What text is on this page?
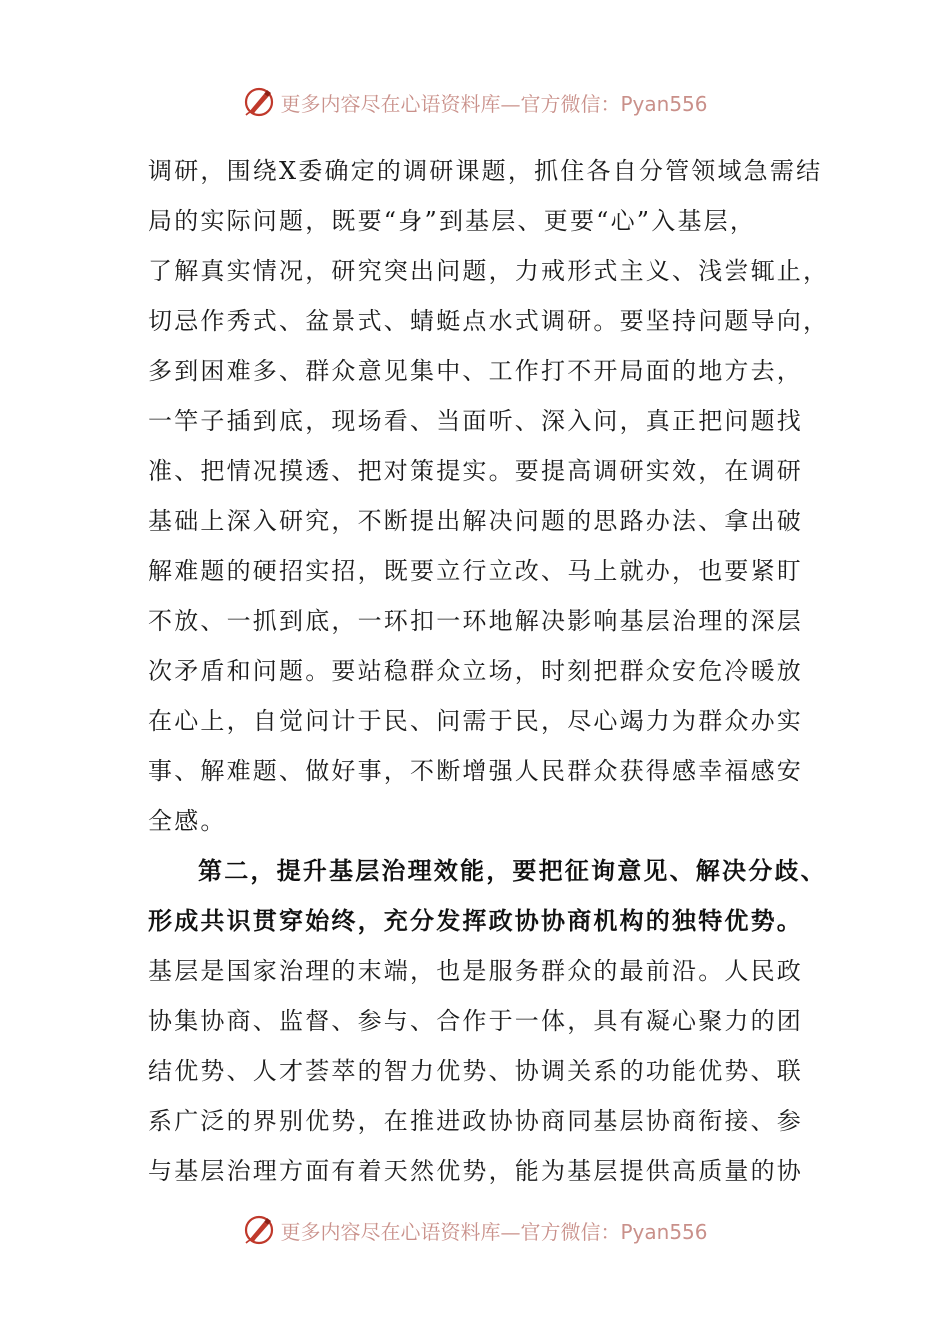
更多内容尽在心语资料库—官方微信：Pyan556
调研，围绕X委确定的调研课题，抓住各自分管领域急需结
局的实际问题，既要“身”到基层、更要“心”入基层，
了解真实情况，研究突出问题，力戒形式主义、浅尝辄止，
切忌作秀式、盆景式、蜻蜓点水式调研。要坚持问题导向，
多到困难多、群众意见集中、工作打不开局面的地方去，
一竿子插到底，现场看、当面听、深入问，真正把问题找
准、把情况摸透、把对策提实。要提高调研实效，在调研
基础上深入研究，不断提出解决问题的思路办法、拿出破
解难题的硬招实招，既要立行立改、马上就办，也要紧盯
不放、一抓到底，一环扣一环地解决影响基层治理的深层
次矛盾和问题。要站稳群众立场，时刻把群众安危冷暖放
在心上，自觉问计于民、问需于民，尽心竭力为群众办实
事、解难题、做好事，不断增强人民群众获得感幸福感安
全感。
第二，提升基层治理效能，要把征询意见、解决分歧、
形成共识贯穿始终，充分发挥政协协商机构的独特优势。
基层是国家治理的末端，也是服务群众的最前沿。人民政
协集协商、监督、参与、合作于一体，具有凝心聚力的团
结优势、人才荟萃的智力优势、协调关系的功能优势、联
系广泛的界别优势，在推进政协协商同基层协商衔接、参
与基层治理方面有着天然优势，能为基层提供高质量的协
更多内容尽在心语资料库—官方微信：Pyan556
